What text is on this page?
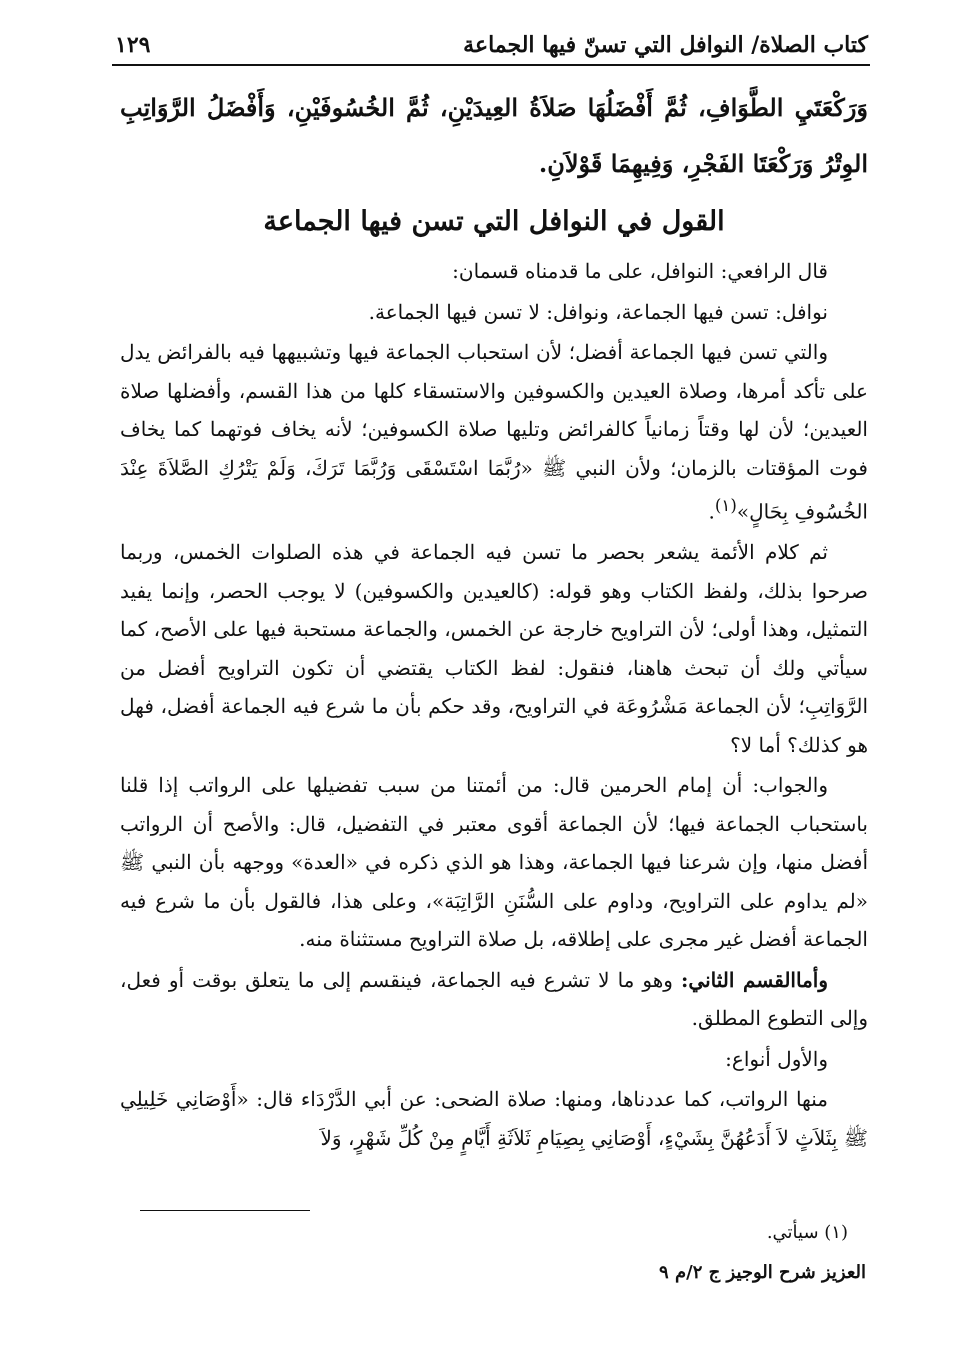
كتاب الصلاة/ النوافل التي تسنّ فيها الجماعة
١٢٩
وَرَكْعَتَيِ الطَّوَافِ، ثُمَّ أَفْضَلُهَا صَلاَةُ العِيدَيْنِ، ثُمَّ الخُسُوفَيْنِ، وَأَفْضَلُ الرَّوَاتِبِ الوِتْرُ وَرَكْعَتَا الفَجْرِ، وَفِيهِمَا قَوْلاَنِ.
القول في النوافل التي تسن فيها الجماعة

قال الرافعي: النوافل، على ما قدمناه قسمان:

نوافل: تسن فيها الجماعة، ونوافل: لا تسن فيها الجماعة.

والتي تسن فيها الجماعة أفضل؛ لأن استحباب الجماعة فيها وتشبيهها فيه بالفرائض يدل على تأكد أمرها، وصلاة العيدين والكسوفين والاستسقاء كلها من هذا القسم، وأفضلها صلاة العيدين؛ لأن لها وقتاً زمانياً كالفرائض وتليها صلاة الكسوفين؛ لأنه يخاف فوتهما كما يخاف فوت المؤقتات بالزمان؛ ولأن النبي ﷺ «رُبَّمَا اسْتَسْقَى وَرُبَّمَا تَرَكَ، وَلَمْ يَتْرُكِ الصَّلاَةَ عِنْدَ الخُسُوفِ بِحَالٍ»$^{(١)}$.

ثم كلام الأئمة يشعر بحصر ما تسن فيه الجماعة في هذه الصلوات الخمس، وربما صرحوا بذلك، ولفظ الكتاب وهو قوله: (كالعيدين والكسوفين) لا يوجب الحصر، وإنما يفيد التمثيل، وهذا أولى؛ لأن التراويح خارجة عن الخمس، والجماعة مستحبة فيها على الأصح، كما سيأتي ولك أن تبحث هاهنا، فنقول: لفظ الكتاب يقتضي أن تكون التراويح أفضل من الرَّوَاتِبِ؛ لأن الجماعة مَشْرُوعَة في التراويح، وقد حكم بأن ما شرع فيه الجماعة أفضل، فهل هو كذلك؟ أما لا؟

والجواب: أن إمام الحرمين قال: من أئمتنا من سبب تفضيلها على الرواتب إذا قلنا باستحباب الجماعة فيها؛ لأن الجماعة أقوى معتبر في التفضيل، قال: والأصح أن الرواتب أفضل منها، وإن شرعنا فيها الجماعة، وهذا هو الذي ذكره في «العدة» ووجهه بأن النبي ﷺ «لم يداوم على التراويح، وداوم على السُّنَنِ الرَّاتِبَة»، وعلى هذا، فالقول بأن ما شرع فيه الجماعة أفضل غير مجرى على إطلاقه، بل صلاة التراويح مستثناة منه.

وأماالقسم الثاني: وهو ما لا تشرع فيه الجماعة، فينقسم إلى ما يتعلق بوقت أو فعل، وإلى التطوع المطلق.

والأول أنواع:

منها الرواتب، كما عددناها، ومنها: صلاة الضحى: عن أبي الدَّرْدَاء قال: «أَوْصَانِي خَلِيلِي ﷺ بِثَلاَثٍ لاَ أَدَعُهُنَّ بِشَيْءٍ، أَوْصَانِي بِصِيَامِ ثَلاَثَةِ أَيَّامٍ مِنْ كُلِّ شَهْرٍ، وَلاَ

(١) سيأتي.
العزيز شرح الوجيز ج ٢/م ٩
